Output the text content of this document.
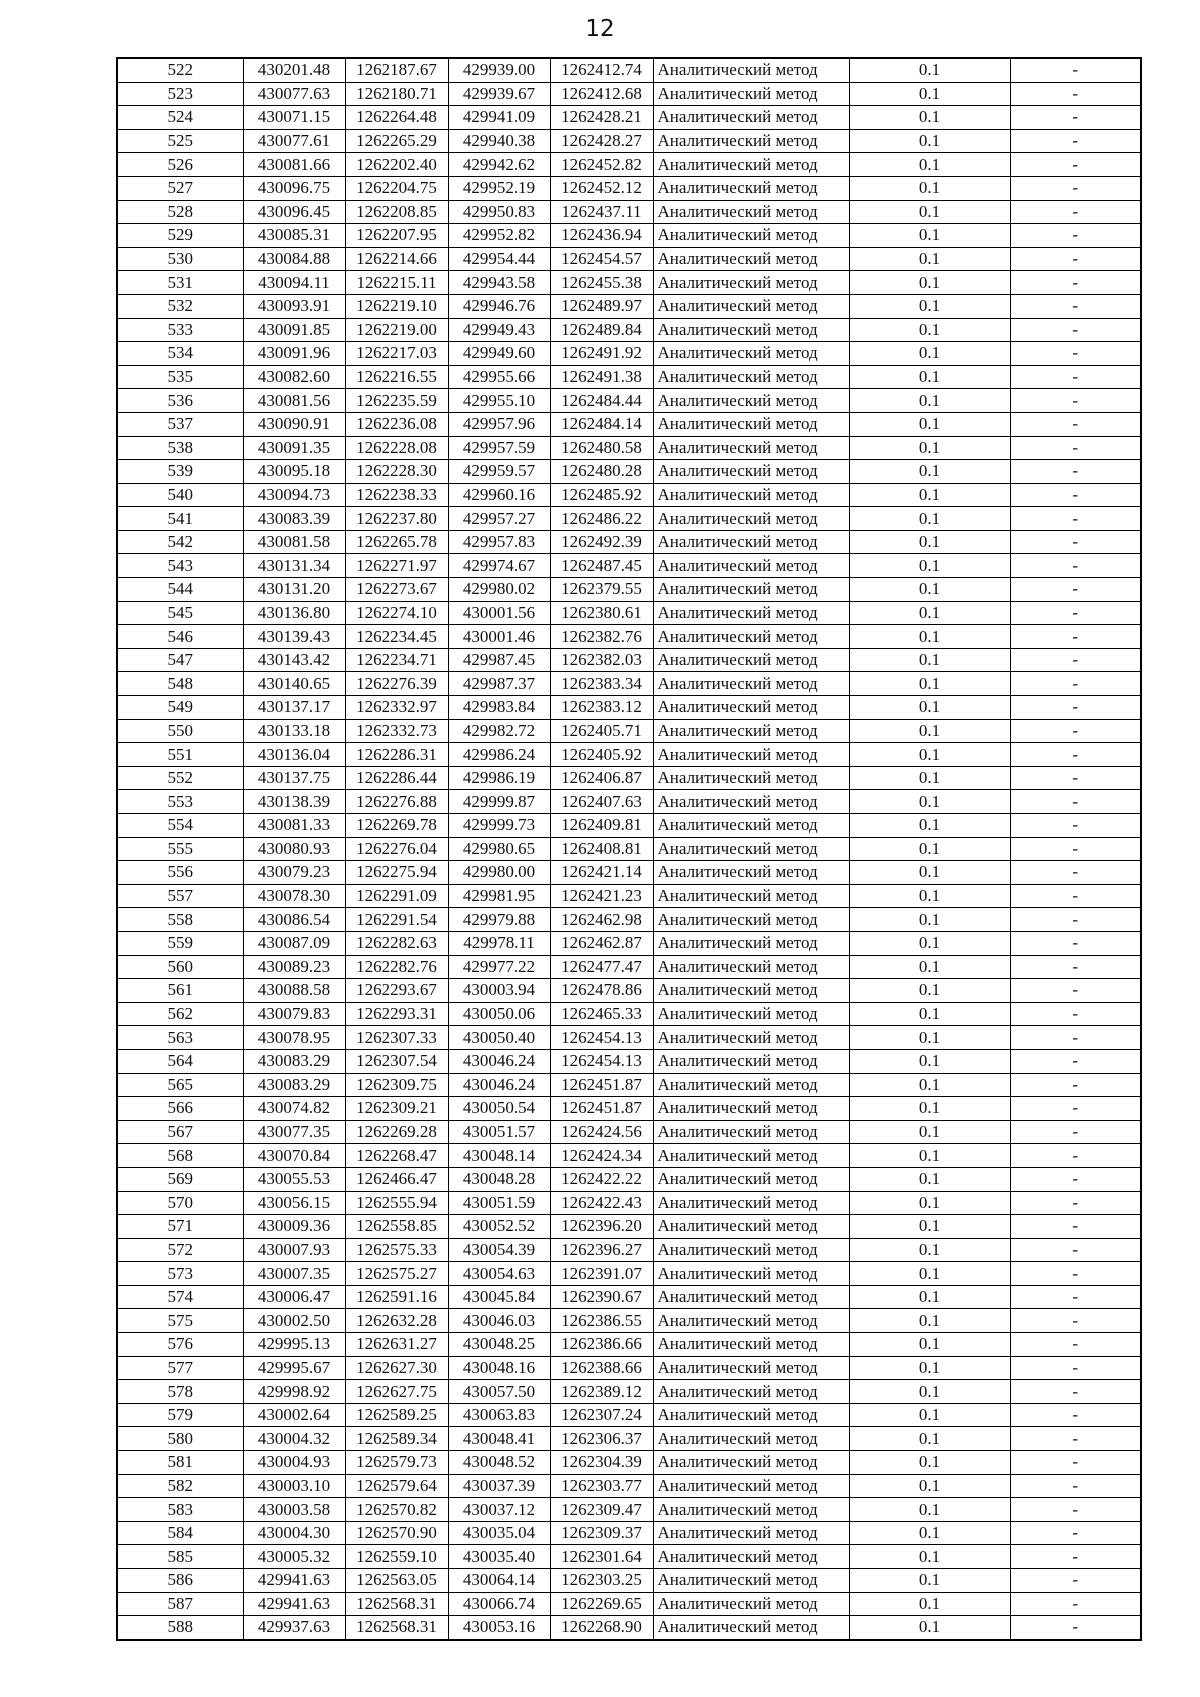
12
522	430201.48	1262187.67	429939.00	1262412.74	Аналитический метод	0.1	-
523	430077.63	1262180.71	429939.67	1262412.68	Аналитический метод	0.1	-
524	430071.15	1262264.48	429941.09	1262428.21	Аналитический метод	0.1	-
525	430077.61	1262265.29	429940.38	1262428.27	Аналитический метод	0.1	-
526	430081.66	1262202.40	429942.62	1262452.82	Аналитический метод	0.1	-
527	430096.75	1262204.75	429952.19	1262452.12	Аналитический метод	0.1	-
528	430096.45	1262208.85	429950.83	1262437.11	Аналитический метод	0.1	-
529	430085.31	1262207.95	429952.82	1262436.94	Аналитический метод	0.1	-
530	430084.88	1262214.66	429954.44	1262454.57	Аналитический метод	0.1	-
531	430094.11	1262215.11	429943.58	1262455.38	Аналитический метод	0.1	-
532	430093.91	1262219.10	429946.76	1262489.97	Аналитический метод	0.1	-
533	430091.85	1262219.00	429949.43	1262489.84	Аналитический метод	0.1	-
534	430091.96	1262217.03	429949.60	1262491.92	Аналитический метод	0.1	-
535	430082.60	1262216.55	429955.66	1262491.38	Аналитический метод	0.1	-
536	430081.56	1262235.59	429955.10	1262484.44	Аналитический метод	0.1	-
537	430090.91	1262236.08	429957.96	1262484.14	Аналитический метод	0.1	-
538	430091.35	1262228.08	429957.59	1262480.58	Аналитический метод	0.1	-
539	430095.18	1262228.30	429959.57	1262480.28	Аналитический метод	0.1	-
540	430094.73	1262238.33	429960.16	1262485.92	Аналитический метод	0.1	-
541	430083.39	1262237.80	429957.27	1262486.22	Аналитический метод	0.1	-
542	430081.58	1262265.78	429957.83	1262492.39	Аналитический метод	0.1	-
543	430131.34	1262271.97	429974.67	1262487.45	Аналитический метод	0.1	-
544	430131.20	1262273.67	429980.02	1262379.55	Аналитический метод	0.1	-
545	430136.80	1262274.10	430001.56	1262380.61	Аналитический метод	0.1	-
546	430139.43	1262234.45	430001.46	1262382.76	Аналитический метод	0.1	-
547	430143.42	1262234.71	429987.45	1262382.03	Аналитический метод	0.1	-
548	430140.65	1262276.39	429987.37	1262383.34	Аналитический метод	0.1	-
549	430137.17	1262332.97	429983.84	1262383.12	Аналитический метод	0.1	-
550	430133.18	1262332.73	429982.72	1262405.71	Аналитический метод	0.1	-
551	430136.04	1262286.31	429986.24	1262405.92	Аналитический метод	0.1	-
552	430137.75	1262286.44	429986.19	1262406.87	Аналитический метод	0.1	-
553	430138.39	1262276.88	429999.87	1262407.63	Аналитический метод	0.1	-
554	430081.33	1262269.78	429999.73	1262409.81	Аналитический метод	0.1	-
555	430080.93	1262276.04	429980.65	1262408.81	Аналитический метод	0.1	-
556	430079.23	1262275.94	429980.00	1262421.14	Аналитический метод	0.1	-
557	430078.30	1262291.09	429981.95	1262421.23	Аналитический метод	0.1	-
558	430086.54	1262291.54	429979.88	1262462.98	Аналитический метод	0.1	-
559	430087.09	1262282.63	429978.11	1262462.87	Аналитический метод	0.1	-
560	430089.23	1262282.76	429977.22	1262477.47	Аналитический метод	0.1	-
561	430088.58	1262293.67	430003.94	1262478.86	Аналитический метод	0.1	-
562	430079.83	1262293.31	430050.06	1262465.33	Аналитический метод	0.1	-
563	430078.95	1262307.33	430050.40	1262454.13	Аналитический метод	0.1	-
564	430083.29	1262307.54	430046.24	1262454.13	Аналитический метод	0.1	-
565	430083.29	1262309.75	430046.24	1262451.87	Аналитический метод	0.1	-
566	430074.82	1262309.21	430050.54	1262451.87	Аналитический метод	0.1	-
567	430077.35	1262269.28	430051.57	1262424.56	Аналитический метод	0.1	-
568	430070.84	1262268.47	430048.14	1262424.34	Аналитический метод	0.1	-
569	430055.53	1262466.47	430048.28	1262422.22	Аналитический метод	0.1	-
570	430056.15	1262555.94	430051.59	1262422.43	Аналитический метод	0.1	-
571	430009.36	1262558.85	430052.52	1262396.20	Аналитический метод	0.1	-
572	430007.93	1262575.33	430054.39	1262396.27	Аналитический метод	0.1	-
573	430007.35	1262575.27	430054.63	1262391.07	Аналитический метод	0.1	-
574	430006.47	1262591.16	430045.84	1262390.67	Аналитический метод	0.1	-
575	430002.50	1262632.28	430046.03	1262386.55	Аналитический метод	0.1	-
576	429995.13	1262631.27	430048.25	1262386.66	Аналитический метод	0.1	-
577	429995.67	1262627.30	430048.16	1262388.66	Аналитический метод	0.1	-
578	429998.92	1262627.75	430057.50	1262389.12	Аналитический метод	0.1	-
579	430002.64	1262589.25	430063.83	1262307.24	Аналитический метод	0.1	-
580	430004.32	1262589.34	430048.41	1262306.37	Аналитический метод	0.1	-
581	430004.93	1262579.73	430048.52	1262304.39	Аналитический метод	0.1	-
582	430003.10	1262579.64	430037.39	1262303.77	Аналитический метод	0.1	-
583	430003.58	1262570.82	430037.12	1262309.47	Аналитический метод	0.1	-
584	430004.30	1262570.90	430035.04	1262309.37	Аналитический метод	0.1	-
585	430005.32	1262559.10	430035.40	1262301.64	Аналитический метод	0.1	-
586	429941.63	1262563.05	430064.14	1262303.25	Аналитический метод	0.1	-
587	429941.63	1262568.31	430066.74	1262269.65	Аналитический метод	0.1	-
588	429937.63	1262568.31	430053.16	1262268.90	Аналитический метод	0.1	-
